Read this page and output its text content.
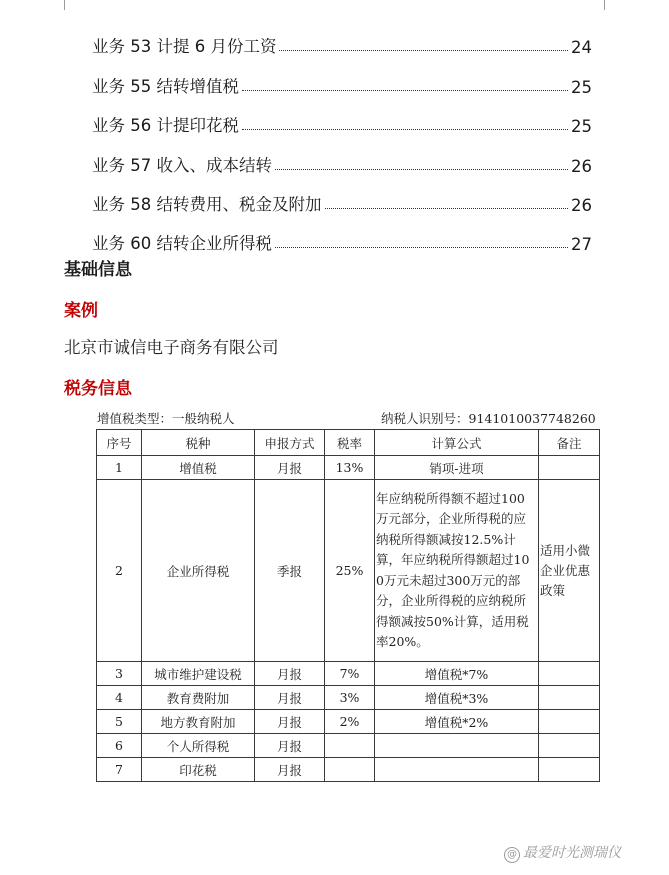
业务 53 计提 6 月份工资	24
业务 55 结转增值税	25
业务 56 计提印花税	25
业务 57 收入、成本结转	26
业务 58 结转费用、税金及附加	26
业务 60 结转企业所得税	27
基础信息
案例
北京市诚信电子商务有限公司
税务信息
增值税类型：一般纳税人	纳税人识别号：9141010037748260
序号	税种	申报方式	税率	计算公式	备注
1	增值税	月报	13%	销项-进项	
2	企业所得税	季报	25%	年应纳税所得额不超过100万元部分，企业所得税的应纳税所得额减按12.5%计算，年应纳税所得额超过100万元未超过300万元的部分，企业所得税的应纳税所得额减按50%计算，适用税率20%。	适用小微企业优惠政策
3	城市维护建设税	月报	7%	增值税*7%	
4	教育费附加	月报	3%	增值税*3%	
5	地方教育附加	月报	2%	增值税*2%	
6	个人所得税	月报			
7	印花税	月报			
@ 最爱时光测瑞仪
